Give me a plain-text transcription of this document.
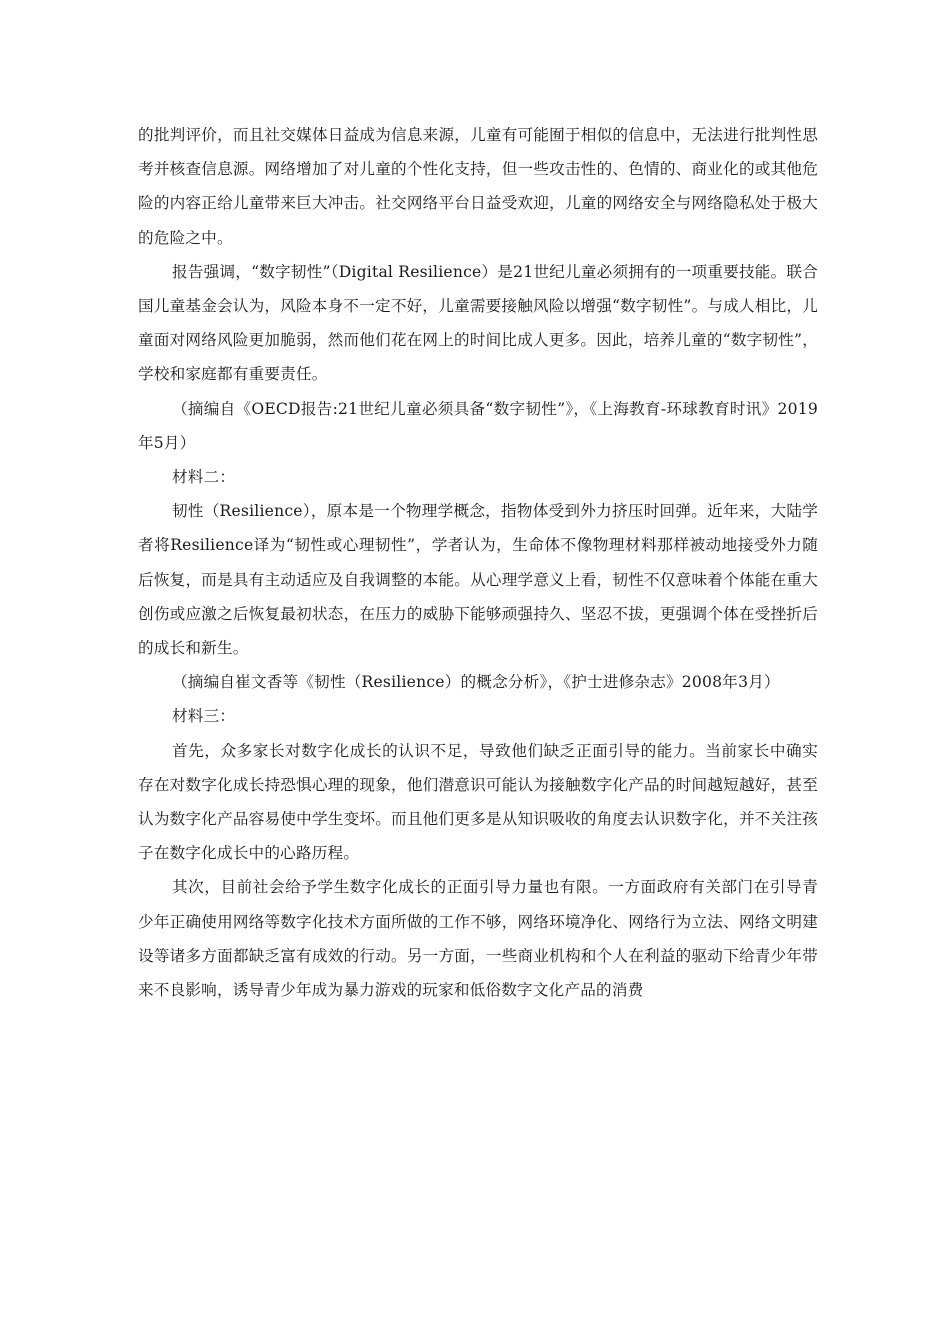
的批判评价，而且社交媒体日益成为信息来源，儿童有可能囿于相似的信息中，无法进行批判性思考并核查信息源。网络增加了对儿童的个性化支持，但一些攻击性的、色情的、商业化的或其他危险的内容正给儿童带来巨大冲击。社交网络平台日益受欢迎，儿童的网络安全与网络隐私处于极大的危险之中。

报告强调，“数字韧性”（Digital Resilience）是21世纪儿童必须拥有的一项重要技能。联合国儿童基金会认为，风险本身不一定不好，儿童需要接触风险以增强“数字韧性”。与成人相比，儿童面对网络风险更加脆弱，然而他们花在网上的时间比成人更多。因此，培养儿童的“数字韧性”，学校和家庭都有重要责任。

（摘编自《OECD报告:21世纪儿童必须具备“数字韧性”》，《上海教育-环球教育时讯》2019年5月）

材料二：

韧性（Resilience），原本是一个物理学概念，指物体受到外力挤压时回弹。近年来，大陆学者将Resilience译为“韧性或心理韧性”，学者认为，生命体不像物理材料那样被动地接受外力随后恢复，而是具有主动适应及自我调整的本能。从心理学意义上看，韧性不仅意味着个体能在重大创伤或应激之后恢复最初状态，在压力的威胁下能够顽强持久、坚忍不拔，更强调个体在受挫折后的成长和新生。

（摘编自崔文香等《韧性（Resilience）的概念分析》，《护士进修杂志》2008年3月）

材料三：

首先，众多家长对数字化成长的认识不足，导致他们缺乏正面引导的能力。当前家长中确实存在对数字化成长持恐惧心理的现象，他们潜意识可能认为接触数字化产品的时间越短越好，甚至认为数字化产品容易使中学生变坏。而且他们更多是从知识吸收的角度去认识数字化，并不关注孩子在数字化成长中的心路历程。

其次，目前社会给予学生数字化成长的正面引导力量也有限。一方面政府有关部门在引导青少年正确使用网络等数字化技术方面所做的工作不够，网络环境净化、网络行为立法、网络文明建设等诸多方面都缺乏富有成效的行动。另一方面，一些商业机构和个人在利益的驱动下给青少年带来不良影响，诱导青少年成为暴力游戏的玩家和低俗数字文化产品的消费
